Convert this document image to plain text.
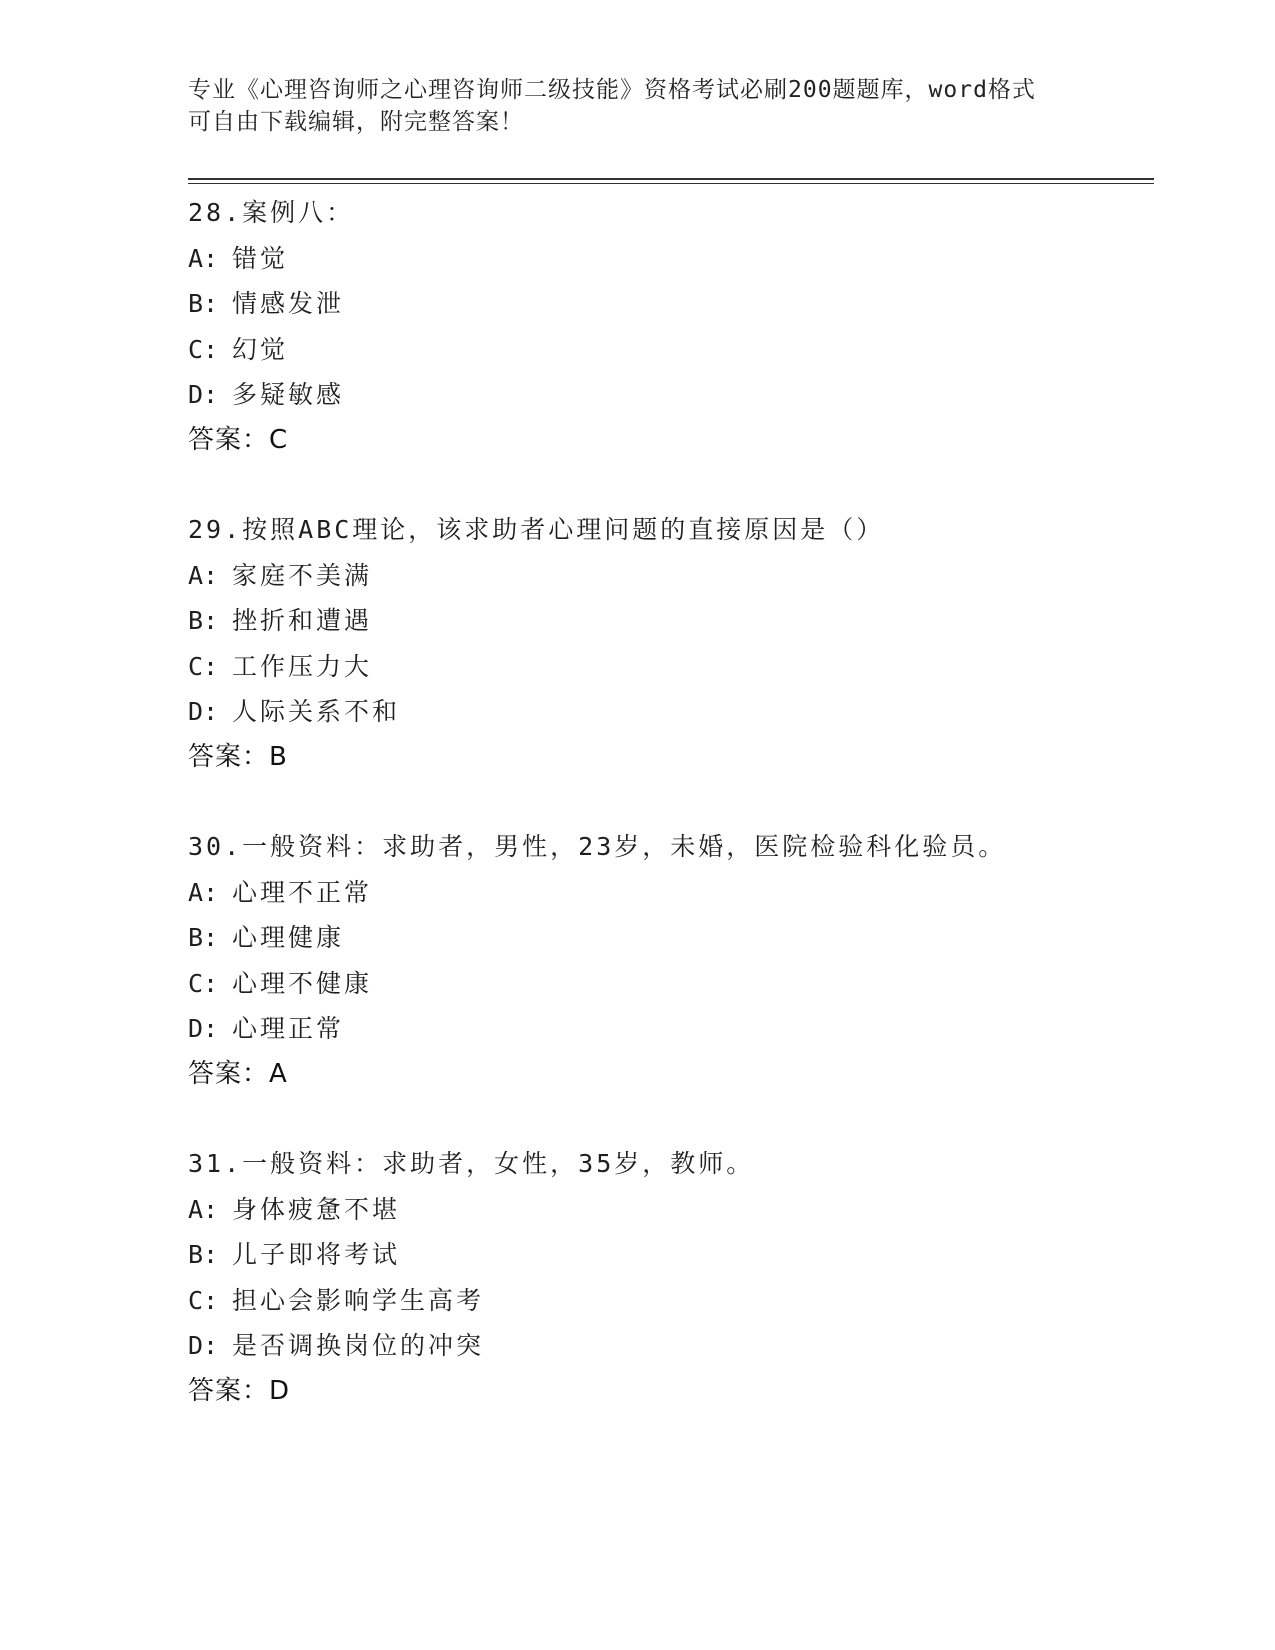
专业《心理咨询师之心理咨询师二级技能》资格考试必刷200题题库，word格式
可自由下载编辑，附完整答案！
28.案例八：
A: 错觉
B: 情感发泄
C: 幻觉
D: 多疑敏感
答案：C
29.按照ABC理论，该求助者心理问题的直接原因是（）
A: 家庭不美满
B: 挫折和遭遇
C: 工作压力大
D: 人际关系不和
答案：B
30.一般资料：求助者，男性，23岁，未婚，医院检验科化验员。
A: 心理不正常
B: 心理健康
C: 心理不健康
D: 心理正常
答案：A
31.一般资料：求助者，女性，35岁，教师。
A: 身体疲惫不堪
B: 儿子即将考试
C: 担心会影响学生高考
D: 是否调换岗位的冲突
答案：D
